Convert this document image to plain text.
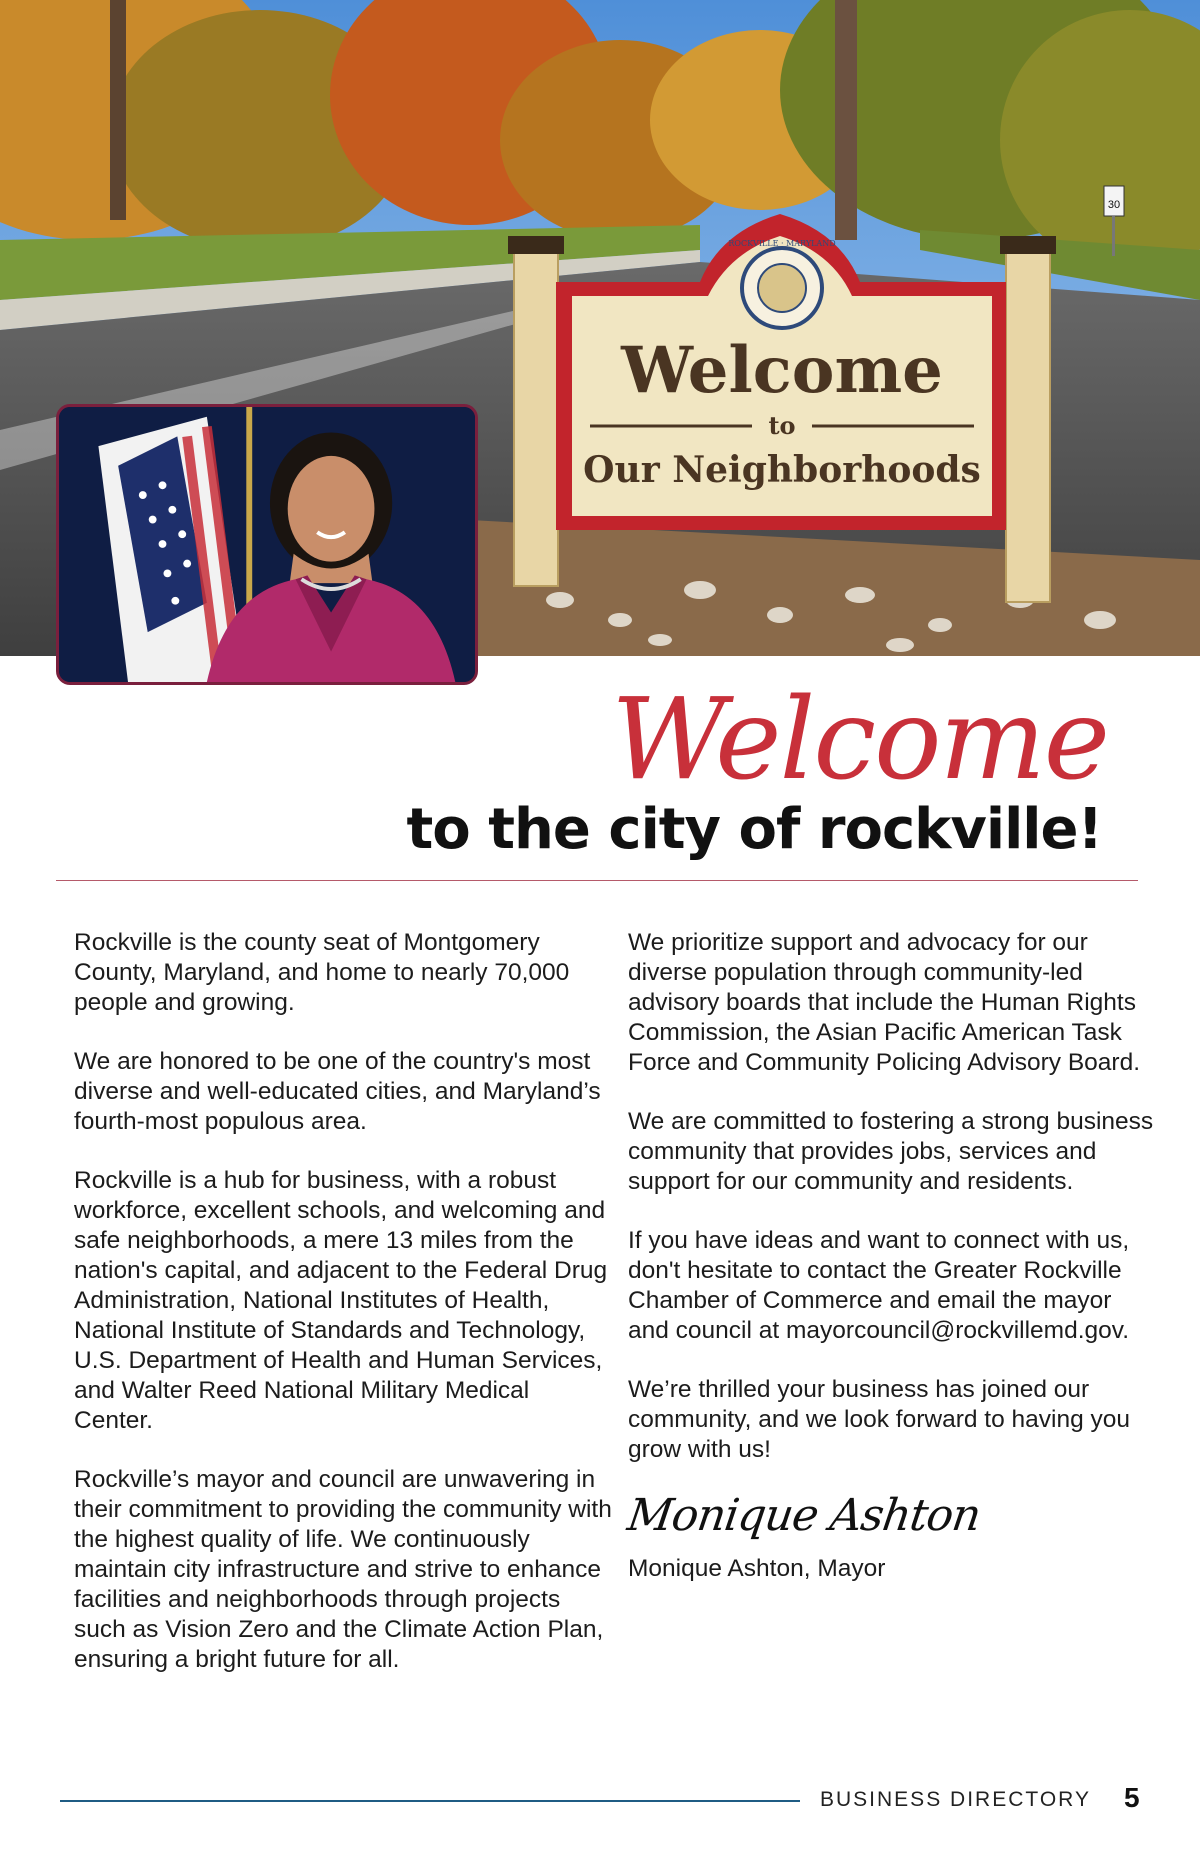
30
ROCKVILLE · MARYLAND
Welcome
to
Our Neighborhoods
Welcome
to the city of rockville!

Rockville is the county seat of Montgomery County, Maryland, and home to nearly 70,000 people and growing.

We are honored to be one of the country's most diverse and well-educated cities, and Maryland’s fourth-most populous area.

Rockville is a hub for business, with a robust workforce, excellent schools, and welcoming and safe neighborhoods, a mere 13 miles from the nation's capital, and adjacent to the Federal Drug Administration, National Institutes of Health, National Institute of Standards and Technology, U.S. Department of Health and Human Services, and Walter Reed National Military Medical Center.

Rockville’s mayor and council are unwavering in their commitment to providing the community with the highest quality of life. We continuously maintain city infrastructure and strive to enhance facilities and neighborhoods through projects such as Vision Zero and the Climate Action Plan, ensuring a bright future for all.

We prioritize support and advocacy for our diverse population through community-led advisory boards that include the Human Rights Commission, the Asian Pacific American Task Force and Community Policing Advisory Board.

We are committed to fostering a strong business community that provides jobs, services and support for our community and residents.

If you have ideas and want to connect with us, don't hesitate to contact the Greater Rockville Chamber of Commerce and email the mayor and council at mayorcouncil@rockvillemd.gov.

We’re thrilled your business has joined our community, and we look forward to having you grow with us!

Monique Ashton
Monique Ashton, Mayor
BUSINESS DIRECTORY 5
